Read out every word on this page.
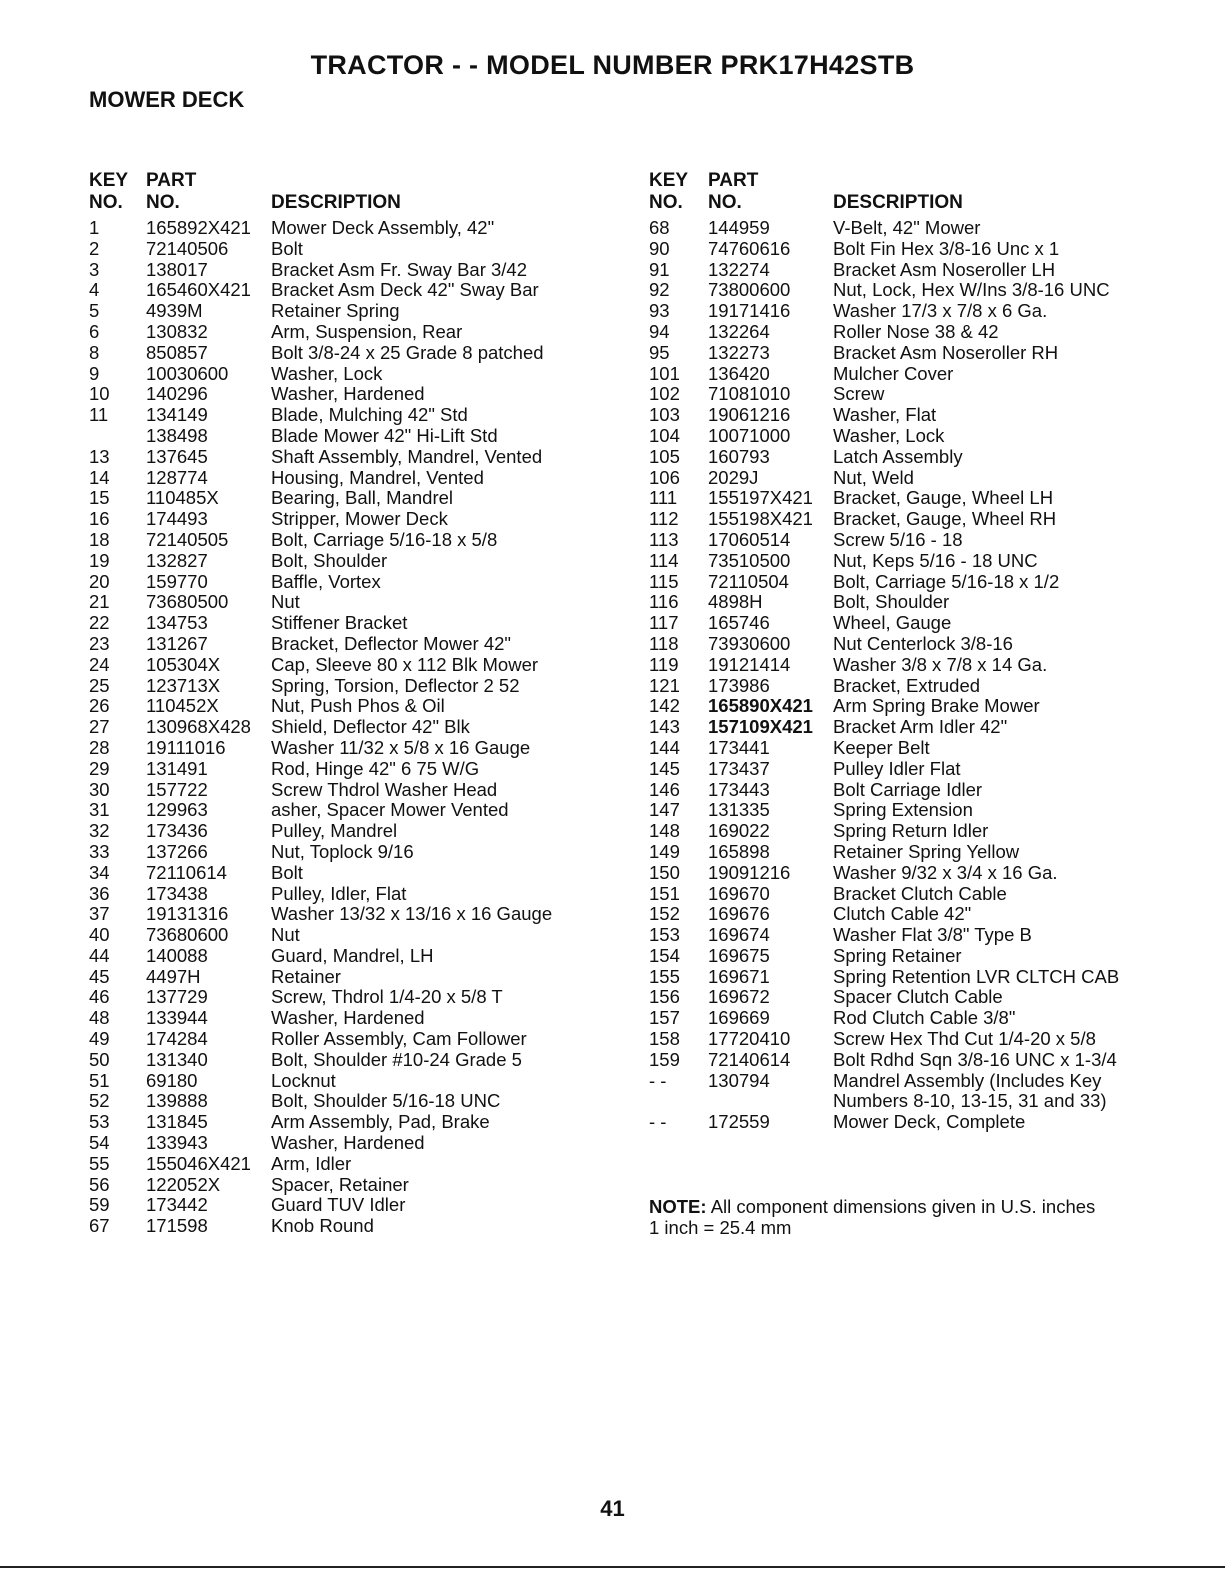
TRACTOR - - MODEL NUMBER PRK17H42STB
MOWER DECK
KEY PART
NO. NO.	DESCRIPTION
1	165892X421 Mower Deck Assembly, 42"
2	72140506 Bolt
3	138017	Bracket Asm Fr. Sway Bar 3/42
4	165460X421 Bracket Asm Deck 42" Sway Bar
5	4939M	Retainer Spring
6	130832	Arm, Suspension, Rear
8	850857	Bolt 3/8-24 x 25 Grade 8 patched
9	10030600 Washer, Lock
10 140296	Washer, Hardened
11 134149	Blade, Mulching 42" Std
138498	Blade Mower 42" Hi-Lift Std
13 137645	Shaft Assembly, Mandrel, Vented
14 128774	Housing, Mandrel, Vented
15 110485X	Bearing, Ball, Mandrel
16 174493	Stripper, Mower Deck
18 72140505 Bolt, Carriage 5/16-18 x 5/8
19 132827	Bolt, Shoulder
20 159770	Baffle, Vortex
21 73680500 Nut
22 134753	Stiffener Bracket
23 131267	Bracket, Deflector Mower 42"
24 105304X	Cap, Sleeve 80 x 112 Blk Mower
25 123713X	Spring, Torsion, Deflector 2 52
26 110452X	Nut, Push Phos & Oil
27 130968X428 Shield, Deflector 42" Blk
28 19111016 Washer 11/32 x 5/8 x 16 Gauge
29 131491	Rod, Hinge 42" 6 75 W/G
30 157722	Screw Thdrol Washer Head
31 129963	asher, Spacer Mower Vented
32 173436	Pulley, Mandrel
33 137266	Nut, Toplock 9/16
34 72110614 Bolt
36 173438	Pulley, Idler, Flat
37 19131316 Washer 13/32 x 13/16 x 16 Gauge
40 73680600 Nut
44 140088	Guard, Mandrel, LH
45 4497H	Retainer
46 137729	Screw, Thdrol 1/4-20 x 5/8 T
48 133944	Washer, Hardened
49 174284	Roller Assembly, Cam Follower
50 131340	Bolt, Shoulder #10-24 Grade 5
51 69180	Locknut
52 139888	Bolt, Shoulder 5/16-18 UNC
53 131845	Arm Assembly, Pad, Brake
54 133943	Washer, Hardened
55 155046X421 Arm, Idler
56 122052X	Spacer, Retainer
59 173442	Guard TUV Idler
67 171598	Knob Round
KEY PART
NO. NO.	DESCRIPTION
68 144959	V-Belt, 42" Mower
90 74760616 Bolt Fin Hex 3/8-16 Unc x 1
91 132274	Bracket Asm Noseroller LH
92 73800600 Nut, Lock, Hex W/Ins 3/8-16 UNC
93 19171416 Washer 17/3 x 7/8 x 6 Ga.
94 132264	Roller Nose 38 & 42
95 132273	Bracket Asm Noseroller RH
101 136420	Mulcher Cover
102 71081010 Screw
103 19061216 Washer, Flat
104 10071000 Washer, Lock
105 160793	Latch Assembly
106 2029J	Nut, Weld
111 155197X421 Bracket, Gauge, Wheel LH
112 155198X421 Bracket, Gauge, Wheel RH
113 17060514 Screw 5/16 - 18
114 73510500 Nut, Keps 5/16 - 18 UNC
115 72110504 Bolt, Carriage 5/16-18 x 1/2
116 4898H	Bolt, Shoulder
117 165746	Wheel, Gauge
118 73930600 Nut Centerlock 3/8-16
119 19121414 Washer 3/8 x 7/8 x 14 Ga.
121 173986	Bracket, Extruded
142 165890X421 Arm Spring Brake Mower
143 157109X421 Bracket Arm Idler 42"
144 173441	Keeper Belt
145 173437	Pulley Idler Flat
146 173443	Bolt Carriage Idler
147 131335	Spring Extension
148 169022	Spring Return Idler
149 165898	Retainer Spring Yellow
150 19091216 Washer 9/32 x 3/4 x 16 Ga.
151 169670	Bracket Clutch Cable
152 169676	Clutch Cable 42"
153 169674	Washer Flat 3/8" Type B
154 169675	Spring Retainer
155 169671	Spring Retention LVR CLTCH CAB
156 169672	Spacer Clutch Cable
157 169669	Rod Clutch Cable 3/8"
158 17720410 Screw Hex Thd Cut 1/4-20 x 5/8
159 72140614 Bolt Rdhd Sqn 3/8-16 UNC x 1-3/4
- - 130794	Mandrel Assembly (Includes Key
Numbers 8-10, 13-15, 31 and 33)
- - 172559	Mower Deck, Complete
NOTE: All component dimensions given in U.S. inches
1 inch = 25.4 mm
41
